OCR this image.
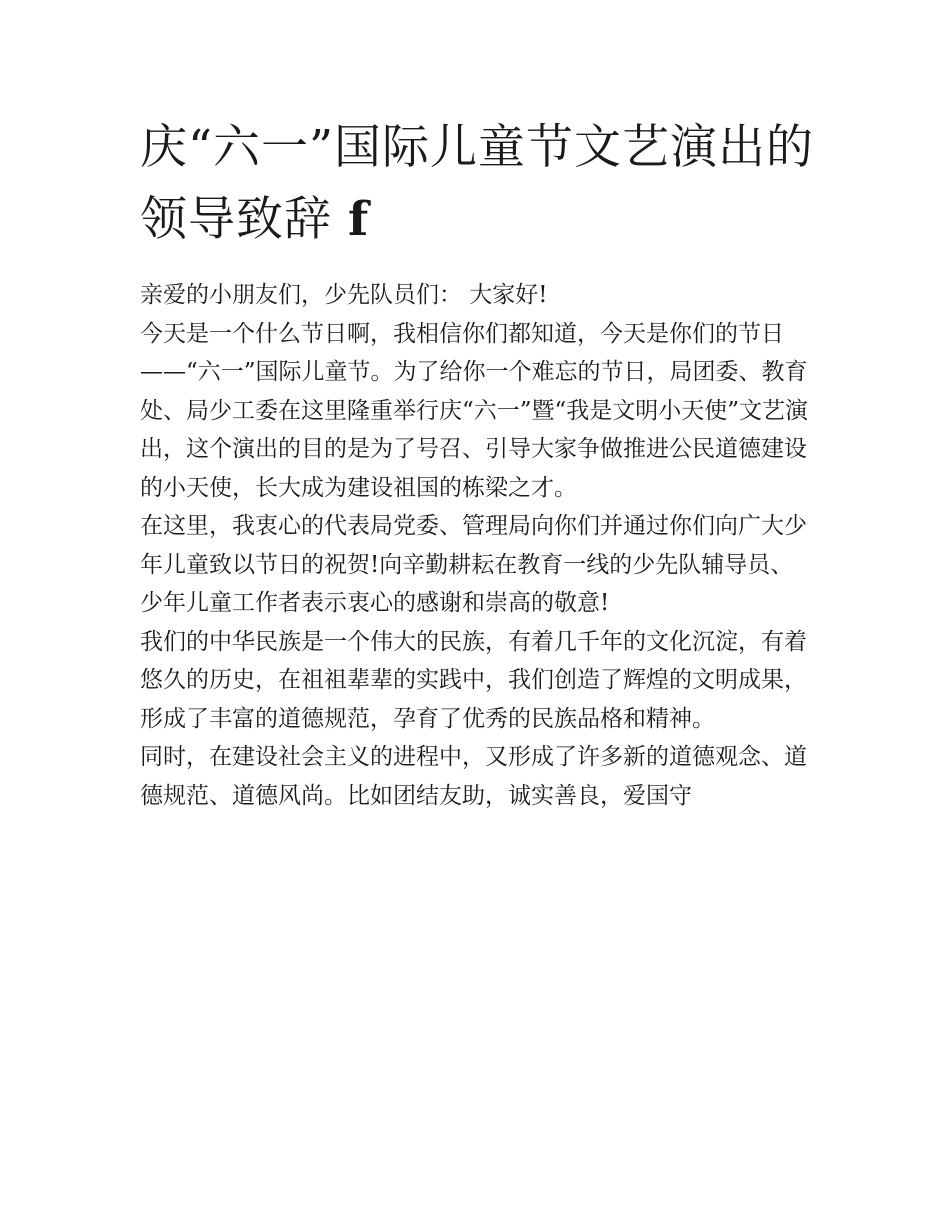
庆“六一”国际儿童节文艺演出的领导致辞 f

亲爱的小朋友们，少先队员们： 大家好!

今天是一个什么节日啊，我相信你们都知道，今天是你们的节日——“六一”国际儿童节。为了给你一个难忘的节日，局团委、教育处、局少工委在这里隆重举行庆“六一”暨“我是文明小天使”文艺演出，这个演出的目的是为了号召、引导大家争做推进公民道德建设的小天使，长大成为建设祖国的栋梁之才。

在这里，我衷心的代表局党委、管理局向你们并通过你们向广大少年儿童致以节日的祝贺!向辛勤耕耘在教育一线的少先队辅导员、少年儿童工作者表示衷心的感谢和崇高的敬意!

我们的中华民族是一个伟大的民族，有着几千年的文化沉淀，有着悠久的历史，在祖祖辈辈的实践中，我们创造了辉煌的文明成果，形成了丰富的道德规范，孕育了优秀的民族品格和精神。

同时，在建设社会主义的进程中，又形成了许多新的道德观念、道德规范、道德风尚。比如团结友助，诚实善良，爱国守
